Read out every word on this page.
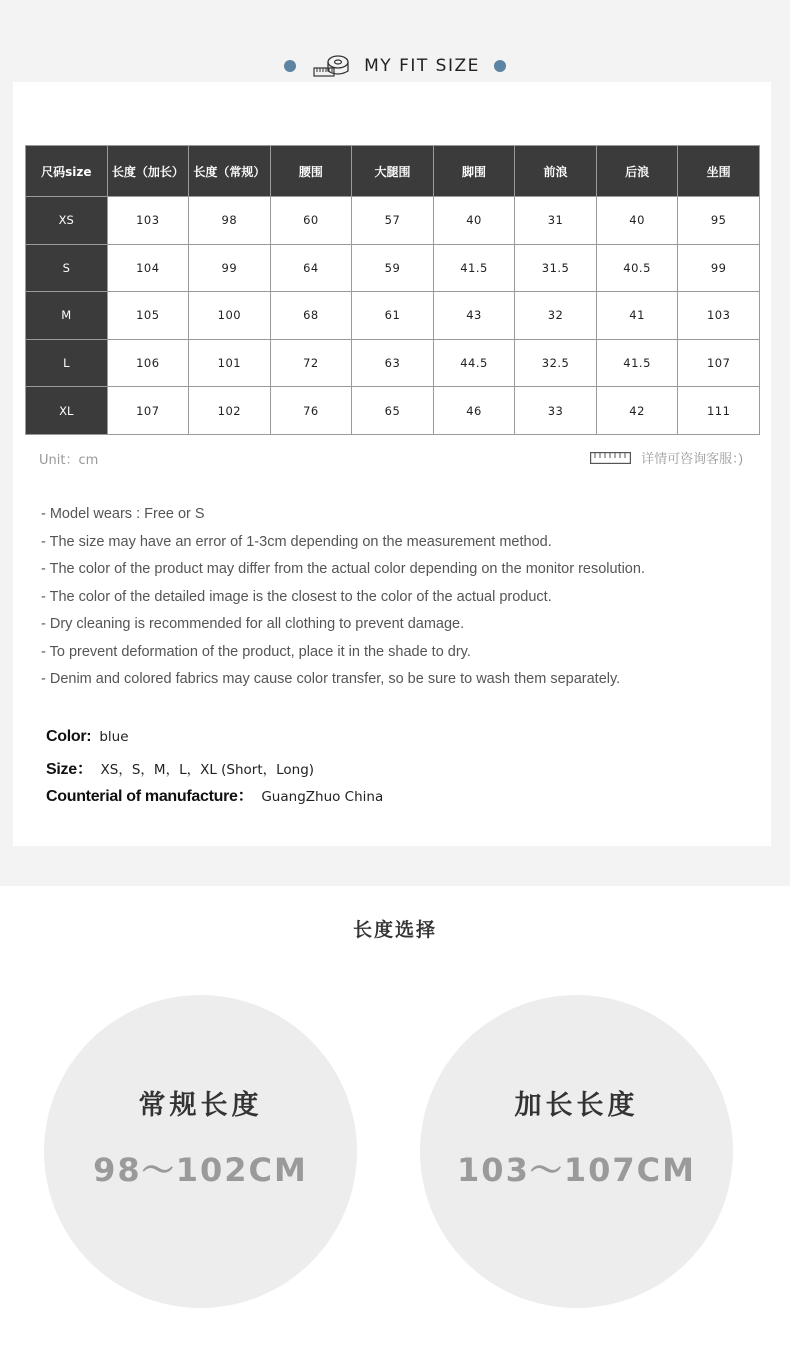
MY FIT SIZE
尺码size	长度（加长）	长度（常规）	腰围	大腿围	脚围	前浪	后浪	坐围
XS	103	98	60	57	40	31	40	95
S	104	99	64	59	41.5	31.5	40.5	99
M	105	100	68	61	43	32	41	103
L	106	101	72	63	44.5	32.5	41.5	107
XL	107	102	76	65	46	33	42	111
Unit：cm	详情可咨询客服：)
- Model wears : Free or S
- The size may have an error of 1-3cm depending on the measurement method.
- The color of the product may differ from the actual color depending on the monitor resolution.
- The color of the detailed image is the closest to the color of the actual product.
- Dry cleaning is recommended for all clothing to prevent damage.
- To prevent deformation of the product, place it in the shade to dry.
- Denim and colored fabrics may cause color transfer, so be sure to wash them separately.
Color: blue
Size： XS，S，M，L，XL (Short，Long)
Counterial of manufacture： GuangZhuo China
长度选择
常规长度
98～102CM
加长长度
103～107CM
